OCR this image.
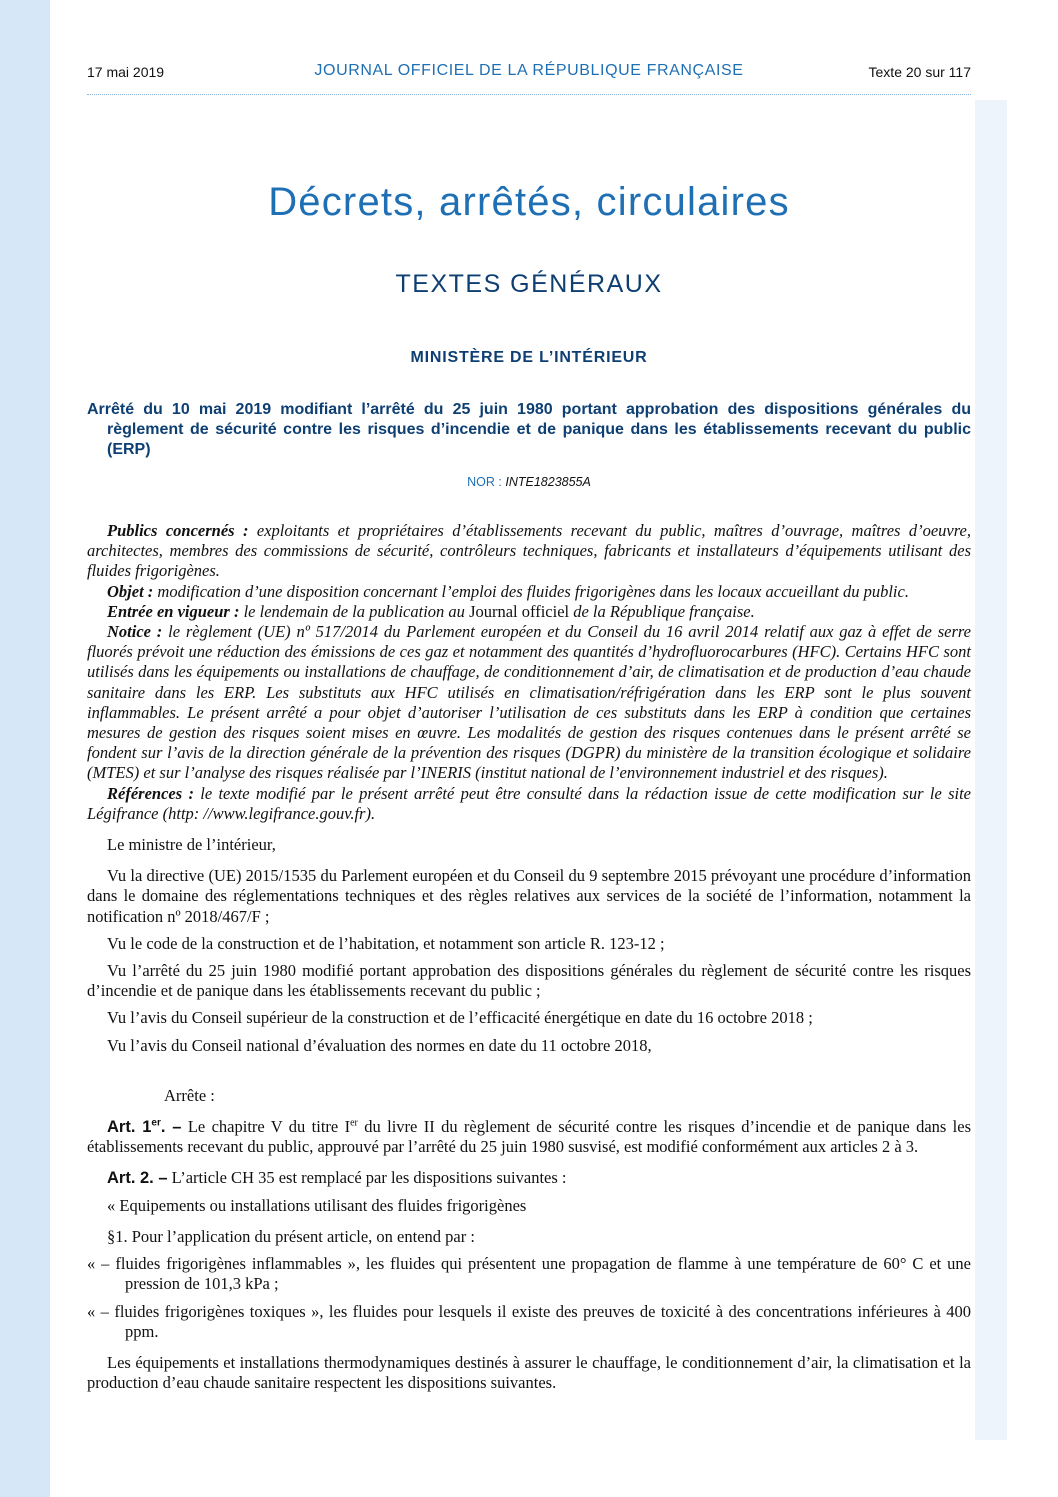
17 mai 2019	JOURNAL OFFICIEL DE LA RÉPUBLIQUE FRANÇAISE	Texte 20 sur 117
Décrets, arrêtés, circulaires
TEXTES GÉNÉRAUX
MINISTÈRE DE L’INTÉRIEUR
Arrêté du 10 mai 2019 modifiant l’arrêté du 25 juin 1980 portant approbation des dispositions générales du règlement de sécurité contre les risques d’incendie et de panique dans les établissements recevant du public (ERP)
NOR : INTE1823855A

Publics concernés : exploitants et propriétaires d’établissements recevant du public, maîtres d’ouvrage, maîtres d’oeuvre, architectes, membres des commissions de sécurité, contrôleurs techniques, fabricants et installateurs d’équipements utilisant des fluides frigorigènes.

Objet : modification d’une disposition concernant l’emploi des fluides frigorigènes dans les locaux accueillant du public.

Entrée en vigueur : le lendemain de la publication au Journal officiel de la République française.

Notice : le règlement (UE) nº 517/2014 du Parlement européen et du Conseil du 16 avril 2014 relatif aux gaz à effet de serre fluorés prévoit une réduction des émissions de ces gaz et notamment des quantités d’hydrofluorocarbures (HFC). Certains HFC sont utilisés dans les équipements ou installations de chauffage, de conditionnement d’air, de climatisation et de production d’eau chaude sanitaire dans les ERP. Les substituts aux HFC utilisés en climatisation/réfrigération dans les ERP sont le plus souvent inflammables. Le présent arrêté a pour objet d’autoriser l’utilisation de ces substituts dans les ERP à condition que certaines mesures de gestion des risques soient mises en œuvre. Les modalités de gestion des risques contenues dans le présent arrêté se fondent sur l’avis de la direction générale de la prévention des risques (DGPR) du ministère de la transition écologique et solidaire (MTES) et sur l’analyse des risques réalisée par l’INERIS (institut national de l’environnement industriel et des risques).

Références : le texte modifié par le présent arrêté peut être consulté dans la rédaction issue de cette modification sur le site Légifrance (http: //www.legifrance.gouv.fr).

Le ministre de l’intérieur,

Vu la directive (UE) 2015/1535 du Parlement européen et du Conseil du 9 septembre 2015 prévoyant une procédure d’information dans le domaine des réglementations techniques et des règles relatives aux services de la société de l’information, notamment la notification nº 2018/467/F ;

Vu le code de la construction et de l’habitation, et notamment son article R. 123-12 ;

Vu l’arrêté du 25 juin 1980 modifié portant approbation des dispositions générales du règlement de sécurité contre les risques d’incendie et de panique dans les établissements recevant du public ;

Vu l’avis du Conseil supérieur de la construction et de l’efficacité énergétique en date du 16 octobre 2018 ;

Vu l’avis du Conseil national d’évaluation des normes en date du 11 octobre 2018,

Arrête :

Art. 1er. – Le chapitre V du titre Ier du livre II du règlement de sécurité contre les risques d’incendie et de panique dans les établissements recevant du public, approuvé par l’arrêté du 25 juin 1980 susvisé, est modifié conformément aux articles 2 à 3.

Art. 2. – L’article CH 35 est remplacé par les dispositions suivantes :

« Equipements ou installations utilisant des fluides frigorigènes

§1. Pour l’application du présent article, on entend par :

« – fluides frigorigènes inflammables », les fluides qui présentent une propagation de flamme à une température de 60° C et une pression de 101,3 kPa ;

« – fluides frigorigènes toxiques », les fluides pour lesquels il existe des preuves de toxicité à des concentrations inférieures à 400 ppm.

Les équipements et installations thermodynamiques destinés à assurer le chauffage, le conditionnement d’air, la climatisation et la production d’eau chaude sanitaire respectent les dispositions suivantes.
